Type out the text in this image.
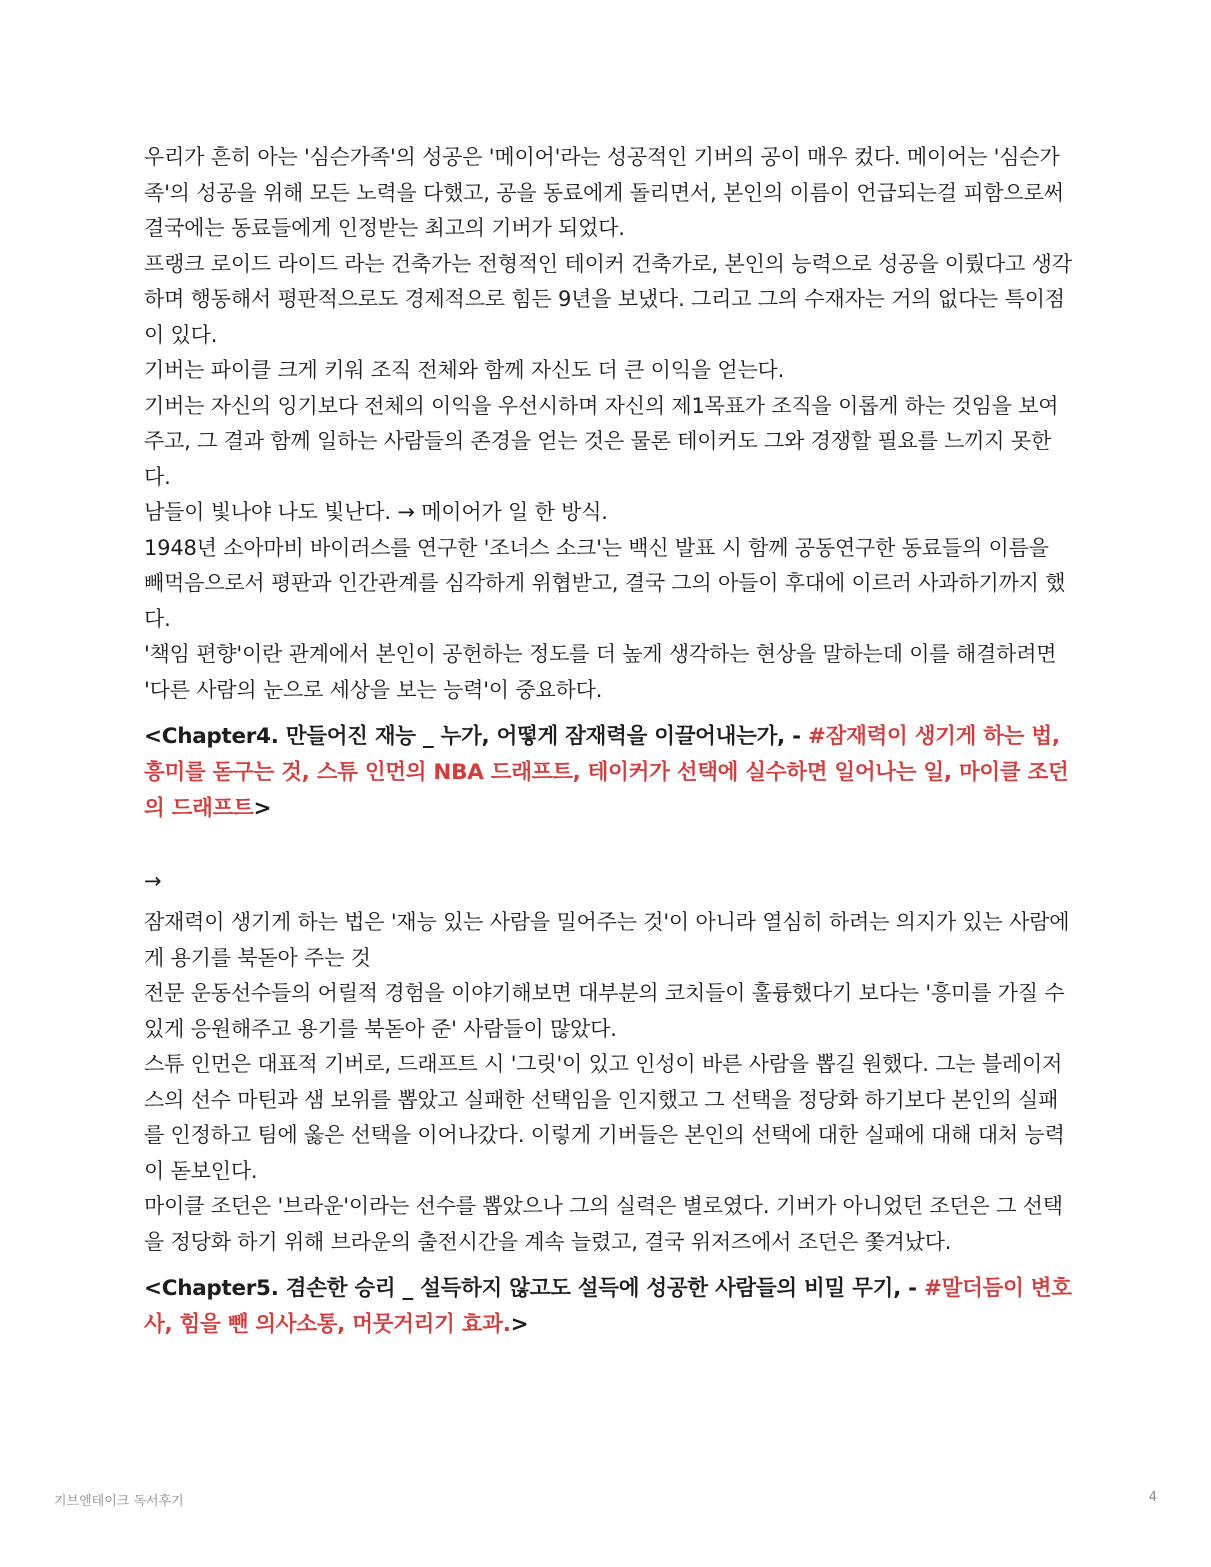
우리가 흔히 아는 '심슨가족'의 성공은 '메이어'라는 성공적인 기버의 공이 매우 컸다. 메이어는 '심슨가족'의 성공을 위해 모든 노력을 다했고, 공을 동료에게 돌리면서, 본인의 이름이 언급되는걸 피함으로써 결국에는 동료들에게 인정받는 최고의 기버가 되었다.

프랭크 로이드 라이드 라는 건축가는 전형적인 테이커 건축가로, 본인의 능력으로 성공을 이뤘다고 생각하며 행동해서 평판적으로도 경제적으로 힘든 9년을 보냈다. 그리고 그의 수재자는 거의 없다는 특이점이 있다.

기버는 파이클 크게 키워 조직 전체와 함께 자신도 더 큰 이익을 얻는다.

기버는 자신의 잉기보다 전체의 이익을 우선시하며 자신의 제1목표가 조직을 이롭게 하는 것임을 보여주고, 그 결과 함께 일하는 사람들의 존경을 얻는 것은 물론 테이커도 그와 경쟁할 필요를 느끼지 못한다.

남들이 빛나야 나도 빛난다. → 메이어가 일 한 방식.

1948년 소아마비 바이러스를 연구한 '조너스 소크'는 백신 발표 시 함께 공동연구한 동료들의 이름을 빼먹음으로서 평판과 인간관계를 심각하게 위협받고, 결국 그의 아들이 후대에 이르러 사과하기까지 했다.

'책임 편향'이란 관계에서 본인이 공헌하는 정도를 더 높게 생각하는 현상을 말하는데 이를 해결하려면 '다른 사람의 눈으로 세상을 보는 능력'이 중요하다.

<Chapter4. 만들어진 재능 _ 누가, 어떻게 잠재력을 이끌어내는가, - #잠재력이 생기게 하는 법, 흥미를 돋구는 것, 스튜 인먼의 NBA 드래프트, 테이커가 선택에 실수하면 일어나는 일, 마이클 조던의 드래프트>

→

잠재력이 생기게 하는 법은 '재능 있는 사람을 밀어주는 것'이 아니라 열심히 하려는 의지가 있는 사람에게 용기를 북돋아 주는 것

전문 운동선수들의 어릴적 경험을 이야기해보면 대부분의 코치들이 훌륭했다기 보다는 '흥미를 가질 수 있게 응원해주고 용기를 북돋아 준' 사람들이 많았다.

스튜 인먼은 대표적 기버로, 드래프트 시 '그릿'이 있고 인성이 바른 사람을 뽑길 원했다. 그는 블레이저스의 선수 마틴과 샘 보위를 뽑았고 실패한 선택임을 인지했고 그 선택을 정당화 하기보다 본인의 실패를 인정하고 팀에 옳은 선택을 이어나갔다. 이렇게 기버들은 본인의 선택에 대한 실패에 대해 대처 능력이 돋보인다.

마이클 조던은 '브라운'이라는 선수를 뽑았으나 그의 실력은 별로였다. 기버가 아니었던 조던은 그 선택을 정당화 하기 위해 브라운의 출전시간을 계속 늘렸고, 결국 위저즈에서 조던은 쫓겨났다.

<Chapter5. 겸손한 승리 _ 설득하지 않고도 설득에 성공한 사람들의 비밀 무기, - #말더듬이 변호사, 힘을 뺀 의사소통, 머뭇거리기 효과.>

기브앤테이크 독서후기	4
